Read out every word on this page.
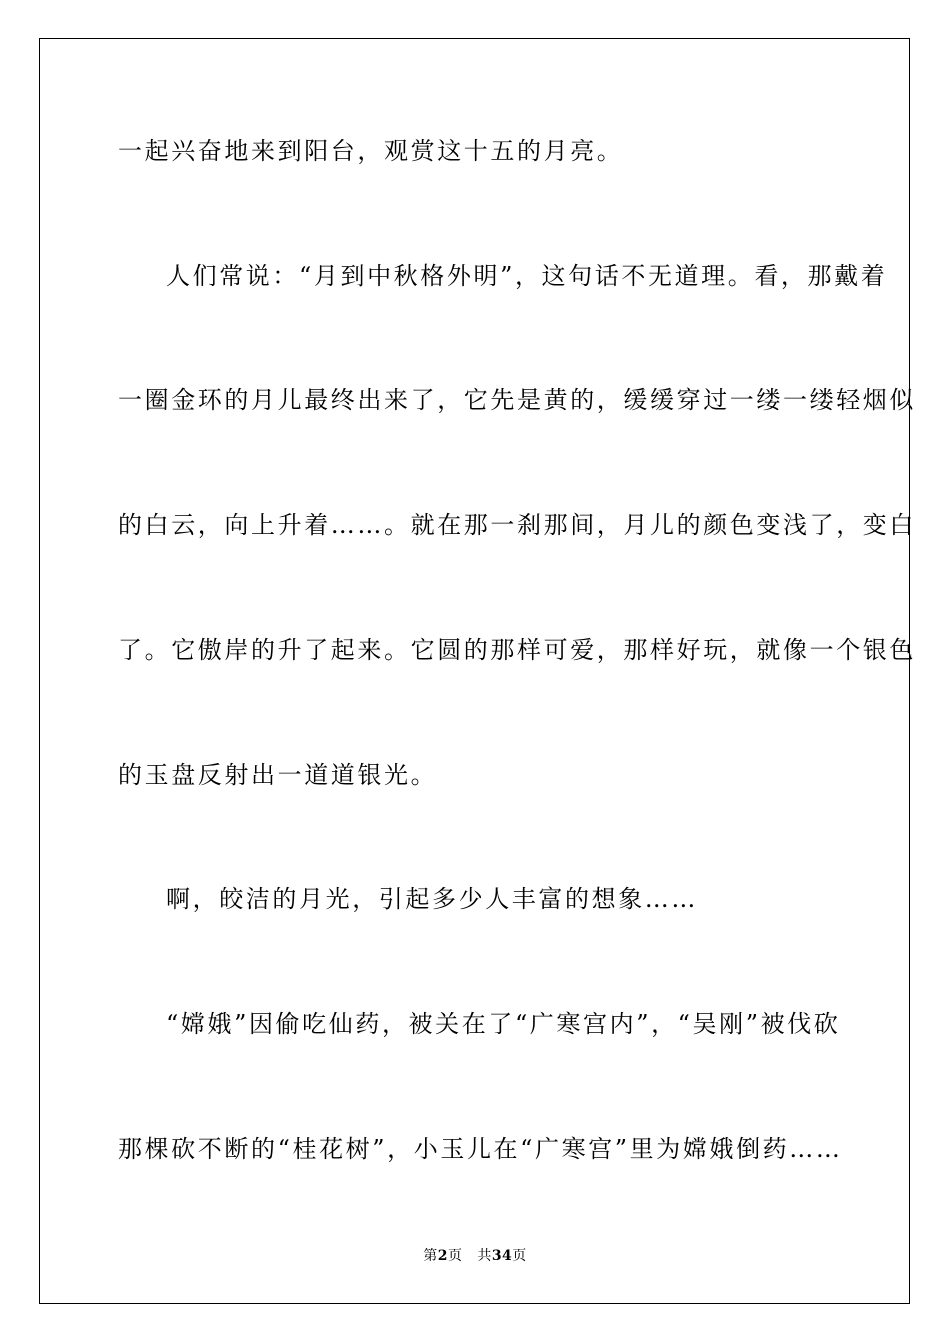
一起兴奋地来到阳台，观赏这十五的月亮。
人们常说：“月到中秋格外明”，这句话不无道理。看，那戴着
一圈金环的月儿最终出来了，它先是黄的，缓缓穿过一缕一缕轻烟似
的白云，向上升着……。就在那一刹那间，月儿的颜色变浅了，变白
了。它傲岸的升了起来。它圆的那样可爱，那样好玩，就像一个银色
的玉盘反射出一道道银光。
啊，皎洁的月光，引起多少人丰富的想象……
“嫦娥”因偷吃仙药，被关在了“广寒宫内”，“吴刚”被伐砍
那棵砍不断的“桂花树”，小玉儿在“广寒宫”里为嫦娥倒药……
第2页 共34页
